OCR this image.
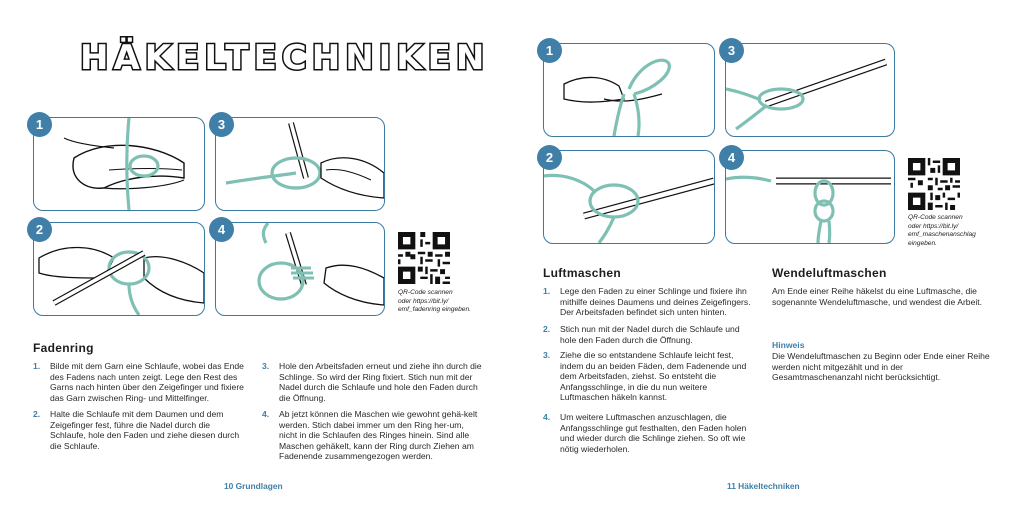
HÄKELTECHNIKEN
1	3
2	4
QR-Code scannen
oder https://bit.ly/
emf_fadenring eingeben.
Fadenring
1. Bilde mit dem Garn eine Schlaufe, wobei das Ende des Fadens nach unten zeigt. Lege den Rest des Garns nach hinten über den Zeigefinger und fixiere das Garn zwischen Ring- und Mittelfinger.
2. Halte die Schlaufe mit dem Daumen und dem Zeigefinger fest, führe die Nadel durch die Schlaufe, hole den Faden und ziehe diesen durch die Schlaufe.
3. Hole den Arbeitsfaden erneut und ziehe ihn durch die Schlinge. So wird der Ring fixiert. Stich nun mit der Nadel durch die Schlaufe und hole den Faden durch die Öffnung.
4. Ab jetzt können die Maschen wie gewohnt gehä-kelt werden. Stich dabei immer um den Ring her-um, nicht in die Schlaufen des Ringes hinein. Sind alle Maschen gehäkelt, kann der Ring durch Ziehen am Fadenende zusammengezogen werden.
10 Grundlagen
1	3
2	4
QR-Code scannen
oder https://bit.ly/
emf_maschenanschlag
eingeben.
Luftmaschen
1. Lege den Faden zu einer Schlinge und fixiere ihn mithilfe deines Daumens und deines Zeigefingers. Der Arbeitsfaden befindet sich unten hinten.
2. Stich nun mit der Nadel durch die Schlaufe und hole den Faden durch die Öffnung.
3. Ziehe die so entstandene Schlaufe leicht fest, indem du an beiden Fäden, dem Fadenende und dem Arbeitsfaden, ziehst. So entsteht die Anfangsschlinge, in die du nun weitere Luftmaschen häkeln kannst.
4. Um weitere Luftmaschen anzuschlagen, die Anfangsschlinge gut festhalten, den Faden holen und wieder durch die Schlinge ziehen. So oft wie nötig wiederholen.
Wendeluftmaschen
Am Ende einer Reihe häkelst du eine Luftmasche, die sogenannte Wendeluftmasche, und wendest die Arbeit.
Hinweis
Die Wendeluftmaschen zu Beginn oder Ende einer Reihe werden nicht mitgezählt und in der Gesamtmaschenanzahl nicht berücksichtigt.
11 Häkeltechniken
